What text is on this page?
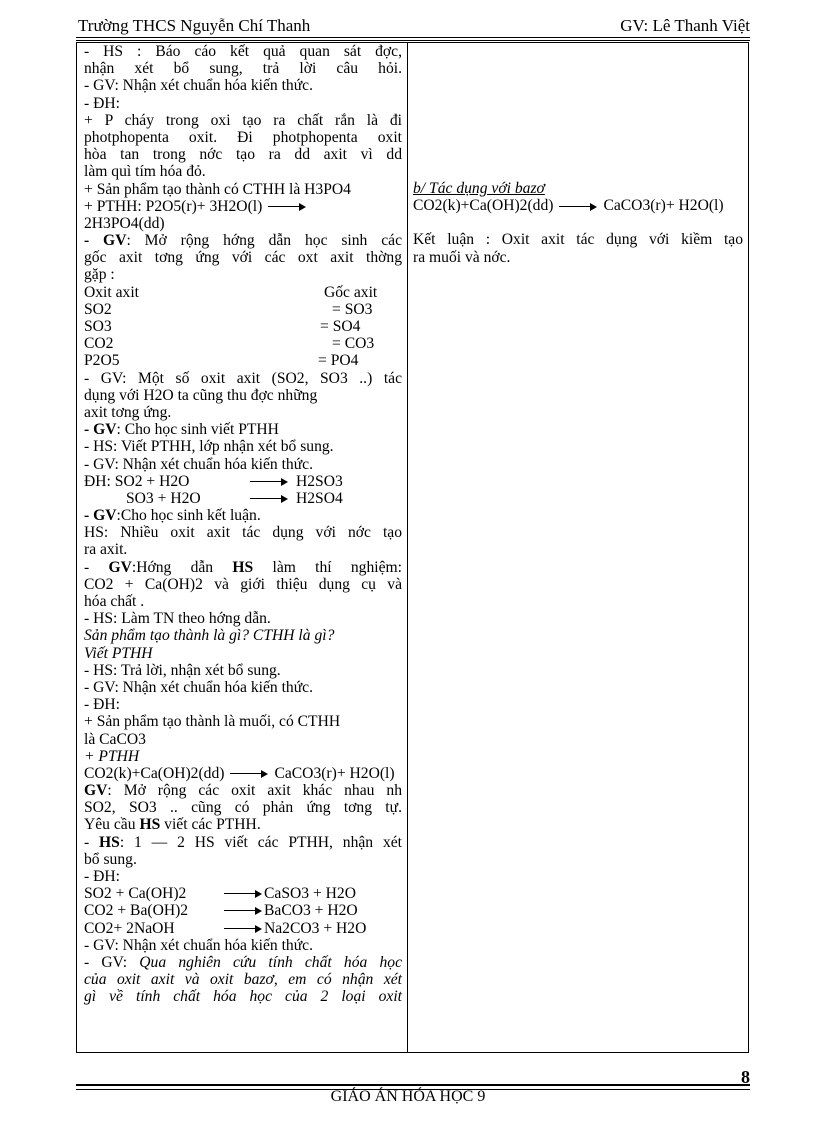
Trường THCS Nguyễn Chí Thanh	GV: Lê Thanh Việt
- HS : Báo cáo kết quả quan sát đợc,
nhận xét bổ sung, trả lời câu hỏi.
- GV: Nhận xét chuẩn hóa kiến thức.
- ĐH:
+ P cháy trong oxi tạo ra chất rắn là đi
photphopenta oxit. Đi photphopenta oxit
hòa tan trong nớc tạo ra dd axit vì dd
làm quì tím hóa đỏ.
+ Sản phẩm tạo thành có CTHH là H3PO4
+ PTHH: P2O5(r)+ 3H2O(l)
2H3PO4(dd)
- GV: Mở rộng hớng dẫn học sinh các
gốc axit tơng ứng với các oxt axit thờng
gặp :
Oxit axit	Gốc axit
SO2	= SO3
SO3	= SO4
CO2	= CO3
P2O5	= PO4
- GV: Một số oxit axit (SO2, SO3 ..) tác
dụng với H2O ta cũng thu đợc những
axit tơng ứng.
- GV: Cho học sinh viết PTHH
- HS: Viết PTHH, lớp nhận xét bổ sung.
- GV: Nhận xét chuẩn hóa kiến thức.
ĐH: SO2 + H2O	H2SO3
SO3 + H2O	H2SO4
- GV:Cho học sinh kết luận.
HS: Nhiều oxit axit tác dụng với nớc tạo
ra axit.
- GV:Hớng dẫn HS làm thí nghiệm:
CO2 + Ca(OH)2 và giới thiệu dụng cụ và
hóa chất .
- HS: Làm TN theo hớng dẫn.
Sản phẩm tạo thành là gì? CTHH là gì?
Viết PTHH
- HS: Trả lời, nhận xét bổ sung.
- GV: Nhận xét chuẩn hóa kiến thức.
- ĐH:
+ Sản phẩm tạo thành là muối, có CTHH
là CaCO3
+ PTHH
CO2(k)+Ca(OH)2(dd)	CaCO3(r)+ H2O(l)
GV: Mở rộng các oxit axit khác nhau nh
SO2, SO3 .. cũng có phản ứng tơng tự.
Yêu cầu HS viết các PTHH.
- HS: 1 — 2 HS viết các PTHH, nhận xét
bổ sung.
- ĐH:
SO2 + Ca(OH)2	CaSO3 + H2O
CO2 + Ba(OH)2	BaCO3 + H2O
CO2+ 2NaOH	Na2CO3 + H2O
- GV: Nhận xét chuẩn hóa kiến thức.
- GV: Qua nghiên cứu tính chất hóa học
của oxit axit và oxit bazơ, em có nhận xét
gì về tính chất hóa học của 2 loại oxit
b/ Tác dụng với bazơ
CO2(k)+Ca(OH)2(dd)	CaCO3(r)+ H2O(l)
Kết luận : Oxit axit tác dụng với kiềm tạo
ra muối và nớc.
8
GIÁO ÁN HÓA HỌC 9
